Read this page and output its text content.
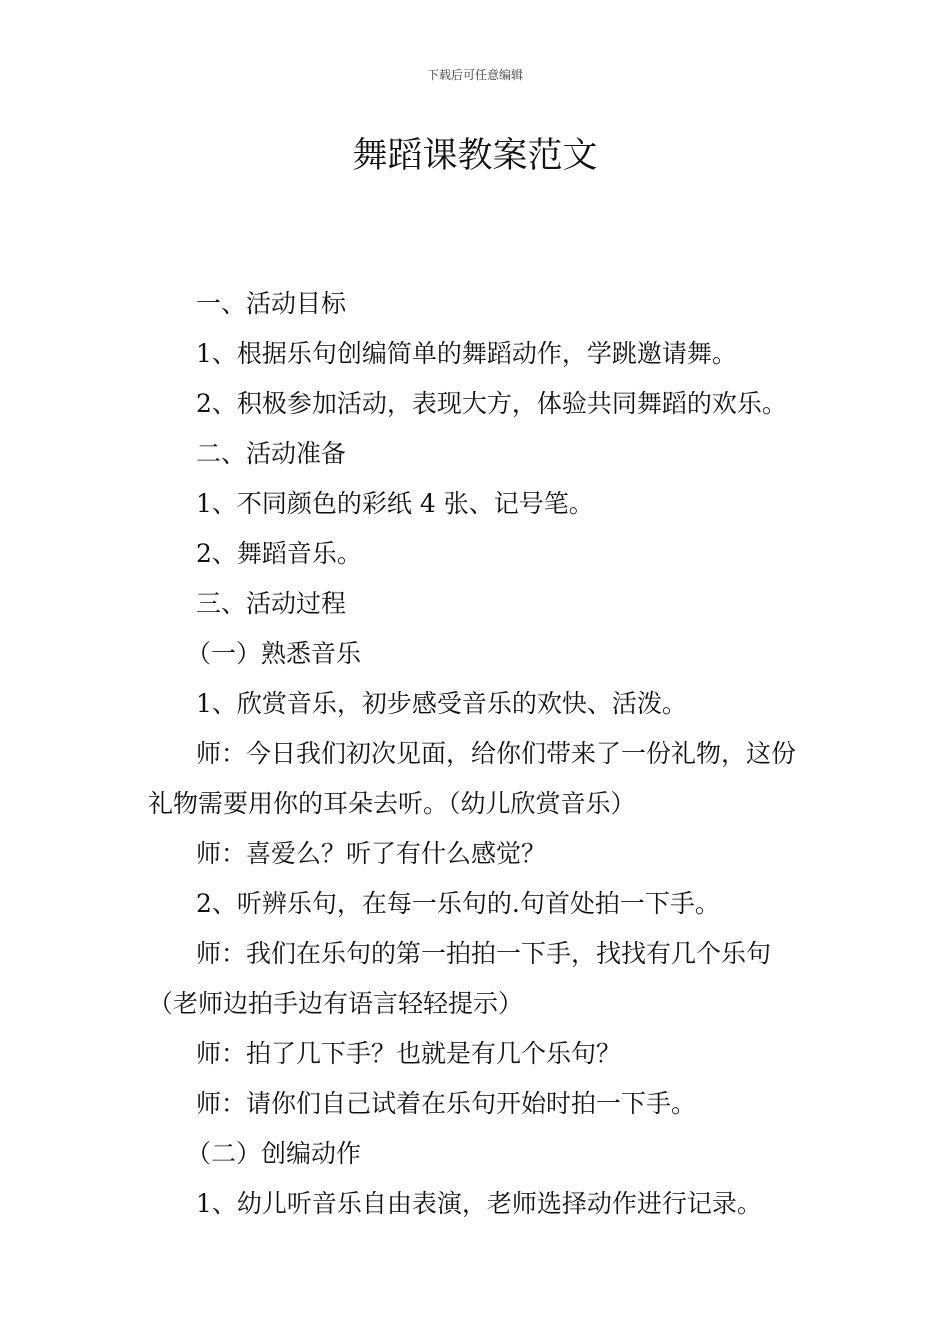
下载后可任意编辑
舞蹈课教案范文

一、活动目标

1、根据乐句创编简单的舞蹈动作，学跳邀请舞。

2、积极参加活动，表现大方，体验共同舞蹈的欢乐。

二、活动准备

1、不同颜色的彩纸 4 张、记号笔。

2、舞蹈音乐。

三、活动过程

（一）熟悉音乐

1、欣赏音乐，初步感受音乐的欢快、活泼。

师：今日我们初次见面，给你们带来了一份礼物，这份礼物需要用你的耳朵去听。（幼儿欣赏音乐）

师：喜爱么？听了有什么感觉？

2、听辨乐句，在每一乐句的.句首处拍一下手。

师：我们在乐句的第一拍拍一下手，找找有几个乐句（老师边拍手边有语言轻轻提示）

师：拍了几下手？也就是有几个乐句？

师：请你们自己试着在乐句开始时拍一下手。

（二）创编动作

1、幼儿听音乐自由表演，老师选择动作进行记录。
